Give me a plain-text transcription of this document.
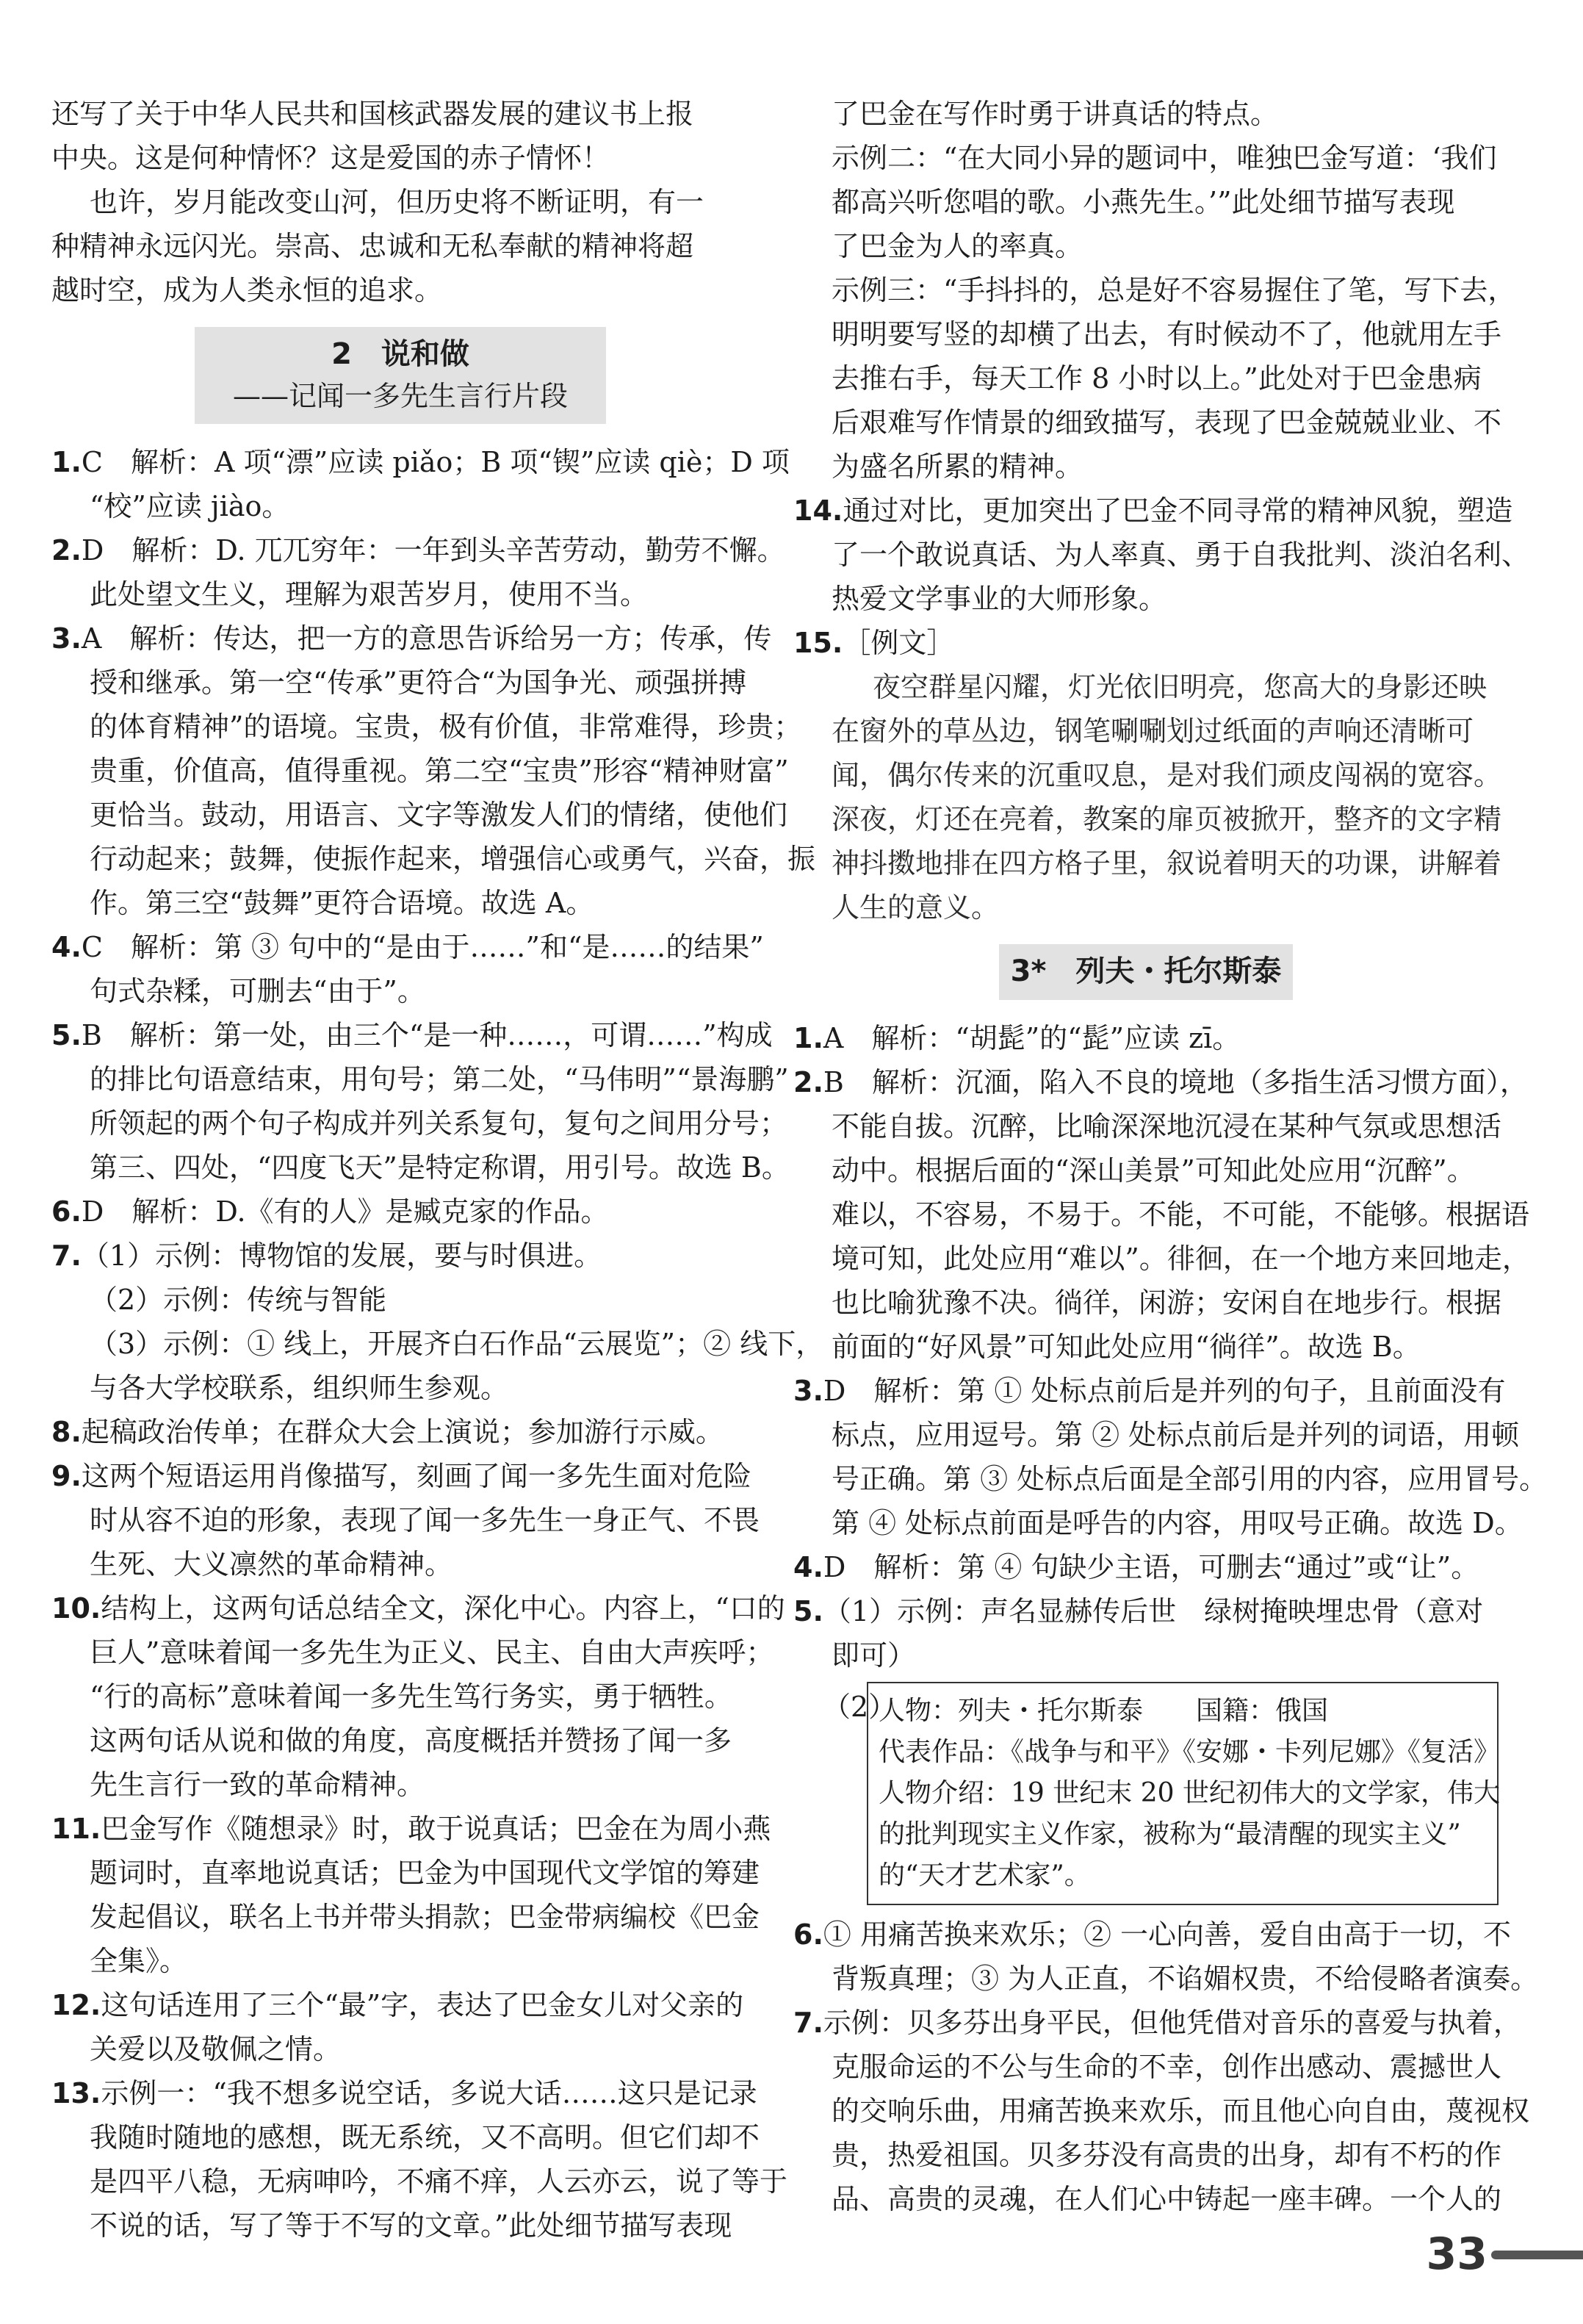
还写了关于中华人民共和国核武器发展的建议书上报
中央。这是何种情怀？这是爱国的赤子情怀！
也许，岁月能改变山河，但历史将不断证明，有一
种精神永远闪光。崇高、忠诚和无私奉献的精神将超
越时空，成为人类永恒的追求。
2　说和做
——记闻一多先生言行片段
1.C　解析：A 项“漂”应读 piǎo；B 项“锲”应读 qiè；D 项
“校”应读 jiào。
2.D　解析：D. 兀兀穷年：一年到头辛苦劳动，勤劳不懈。
此处望文生义，理解为艰苦岁月，使用不当。
3.A　解析：传达，把一方的意思告诉给另一方；传承，传
授和继承。第一空“传承”更符合“为国争光、顽强拼搏
的体育精神”的语境。宝贵，极有价值，非常难得，珍贵；
贵重，价值高，值得重视。第二空“宝贵”形容“精神财富”
更恰当。鼓动，用语言、文字等激发人们的情绪，使他们
行动起来；鼓舞，使振作起来，增强信心或勇气，兴奋，振
作。第三空“鼓舞”更符合语境。故选 A。
4.C　解析：第 ③ 句中的“是由于……”和“是……的结果”
句式杂糅，可删去“由于”。
5.B　解析：第一处，由三个“是一种……，可谓……”构成
的排比句语意结束，用句号；第二处，“马伟明”“景海鹏”
所领起的两个句子构成并列关系复句，复句之间用分号；
第三、四处，“四度飞天”是特定称谓，用引号。故选 B。
6.D　解析：D.《有的人》是臧克家的作品。
7.（1）示例：博物馆的发展，要与时俱进。
（2）示例：传统与智能
（3）示例：① 线上，开展齐白石作品“云展览”；② 线下，
与各大学校联系，组织师生参观。
8.起稿政治传单；在群众大会上演说；参加游行示威。
9.这两个短语运用肖像描写，刻画了闻一多先生面对危险
时从容不迫的形象，表现了闻一多先生一身正气、不畏
生死、大义凛然的革命精神。
10.结构上，这两句话总结全文，深化中心。内容上，“口的
巨人”意味着闻一多先生为正义、民主、自由大声疾呼；
“行的高标”意味着闻一多先生笃行务实，勇于牺牲。
这两句话从说和做的角度，高度概括并赞扬了闻一多
先生言行一致的革命精神。
11.巴金写作《随想录》时，敢于说真话；巴金在为周小燕
题词时，直率地说真话；巴金为中国现代文学馆的筹建
发起倡议，联名上书并带头捐款；巴金带病编校《巴金
全集》。
12.这句话连用了三个“最”字，表达了巴金女儿对父亲的
关爱以及敬佩之情。
13.示例一：“我不想多说空话，多说大话……这只是记录
我随时随地的感想，既无系统，又不高明。但它们却不
是四平八稳，无病呻吟，不痛不痒，人云亦云，说了等于
不说的话，写了等于不写的文章。”此处细节描写表现
了巴金在写作时勇于讲真话的特点。
示例二：“在大同小异的题词中，唯独巴金写道：‘我们
都高兴听您唱的歌。小燕先生。’”此处细节描写表现
了巴金为人的率真。
示例三：“手抖抖的，总是好不容易握住了笔，写下去，
明明要写竖的却横了出去，有时候动不了，他就用左手
去推右手，每天工作 8 小时以上。”此处对于巴金患病
后艰难写作情景的细致描写，表现了巴金兢兢业业、不
为盛名所累的精神。
14.通过对比，更加突出了巴金不同寻常的精神风貌，塑造
了一个敢说真话、为人率真、勇于自我批判、淡泊名利、
热爱文学事业的大师形象。
15.［例文］
夜空群星闪耀，灯光依旧明亮，您高大的身影还映
在窗外的草丛边，钢笔唰唰划过纸面的声响还清晰可
闻，偶尔传来的沉重叹息，是对我们顽皮闯祸的宽容。
深夜，灯还在亮着，教案的扉页被掀开，整齐的文字精
神抖擞地排在四方格子里，叙说着明天的功课，讲解着
人生的意义。
3*　列夫・托尔斯泰
1.A　解析：“胡髭”的“髭”应读 zī。
2.B　解析：沉湎，陷入不良的境地（多指生活习惯方面），
不能自拔。沉醉，比喻深深地沉浸在某种气氛或思想活
动中。根据后面的“深山美景”可知此处应用“沉醉”。
难以，不容易，不易于。不能，不可能，不能够。根据语
境可知，此处应用“难以”。徘徊，在一个地方来回地走，
也比喻犹豫不决。徜徉，闲游；安闲自在地步行。根据
前面的“好风景”可知此处应用“徜徉”。故选 B。
3.D　解析：第 ① 处标点前后是并列的句子，且前面没有
标点，应用逗号。第 ② 处标点前后是并列的词语，用顿
号正确。第 ③ 处标点后面是全部引用的内容，应用冒号。
第 ④ 处标点前面是呼告的内容，用叹号正确。故选 D。
4.D　解析：第 ④ 句缺少主语，可删去“通过”或“让”。
5.（1）示例：声名显赫传后世　绿树掩映埋忠骨（意对
即可）
（2）
人物：列夫・托尔斯泰　　国籍：俄国
代表作品：《战争与和平》《安娜・卡列尼娜》《复活》
人物介绍：19 世纪末 20 世纪初伟大的文学家，伟大
的批判现实主义作家，被称为“最清醒的现实主义”
的“天才艺术家”。
6.① 用痛苦换来欢乐；② 一心向善，爱自由高于一切，不
背叛真理；③ 为人正直，不谄媚权贵，不给侵略者演奏。
7.示例：贝多芬出身平民，但他凭借对音乐的喜爱与执着，
克服命运的不公与生命的不幸，创作出感动、震撼世人
的交响乐曲，用痛苦换来欢乐，而且他心向自由，蔑视权
贵，热爱祖国。贝多芬没有高贵的出身，却有不朽的作
品、高贵的灵魂，在人们心中铸起一座丰碑。一个人的
33
